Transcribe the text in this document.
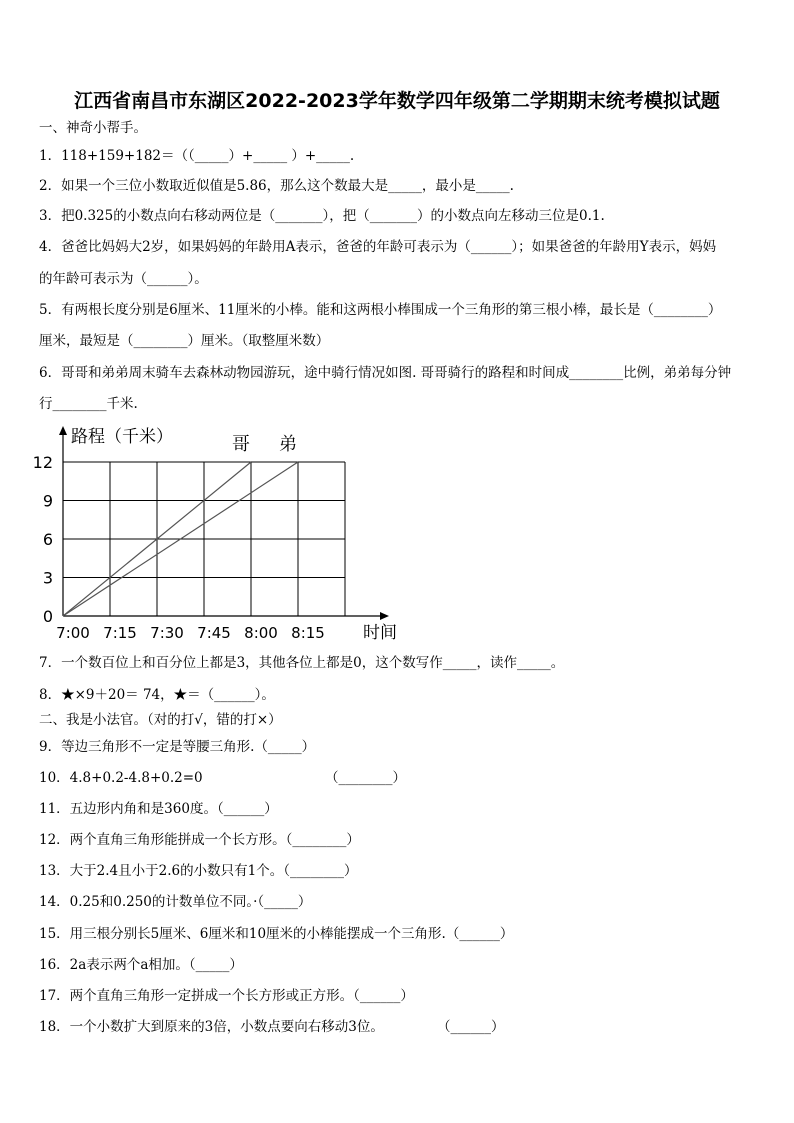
江西省南昌市东湖区2022-2023学年数学四年级第二学期期末统考模拟试题
一、神奇小帮手。
1．118+159+182＝（（_____）+_____ ）+_____.
2．如果一个三位小数取近似值是5.86，那么这个数最大是_____，最小是_____.
3．把0.325的小数点向右移动两位是（_______），把（_______）的小数点向左移动三位是0.1.
4．爸爸比妈妈大2岁，如果妈妈的年龄用A表示，爸爸的年龄可表示为（______）；如果爸爸的年龄用Y表示，妈妈
的年龄可表示为（______）。
5．有两根长度分别是6厘米、11厘米的小棒。能和这两根小棒围成一个三角形的第三根小棒，最长是（________）
厘米，最短是（________）厘米。（取整厘米数）
6．哥哥和弟弟周末骑车去森林动物园游玩，途中骑行情况如图. 哥哥骑行的路程和时间成________比例，弟弟每分钟
行________千米.
哥 弟
0
3
6
9
12
7:00 7:15 7:30 7:45 8:00 8:15
路程（千米）
时间
7．一个数百位上和百分位上都是3，其他各位上都是0，这个数写作_____，读作_____。
8．★×9＋20＝ 74，★＝（______）。
二、我是小法官。（对的打√，错的打×）
9．等边三角形不一定是等腰三角形.（_____）
10．4.8+0.2-4.8+0.2=0	（________）
11．五边形内角和是360度。（______）
12．两个直角三角形能拼成一个长方形。（________）
13．大于2.4且小于2.6的小数只有1个。（________）
14．0.25和0.250的计数单位不同。·（_____）
15．用三根分别长5厘米、6厘米和10厘米的小棒能摆成一个三角形.（______）
16．2a表示两个a相加。（_____）
17．两个直角三角形一定拼成一个长方形或正方形。（______）
18．一个小数扩大到原来的3倍，小数点要向右移动3位。	（______）
